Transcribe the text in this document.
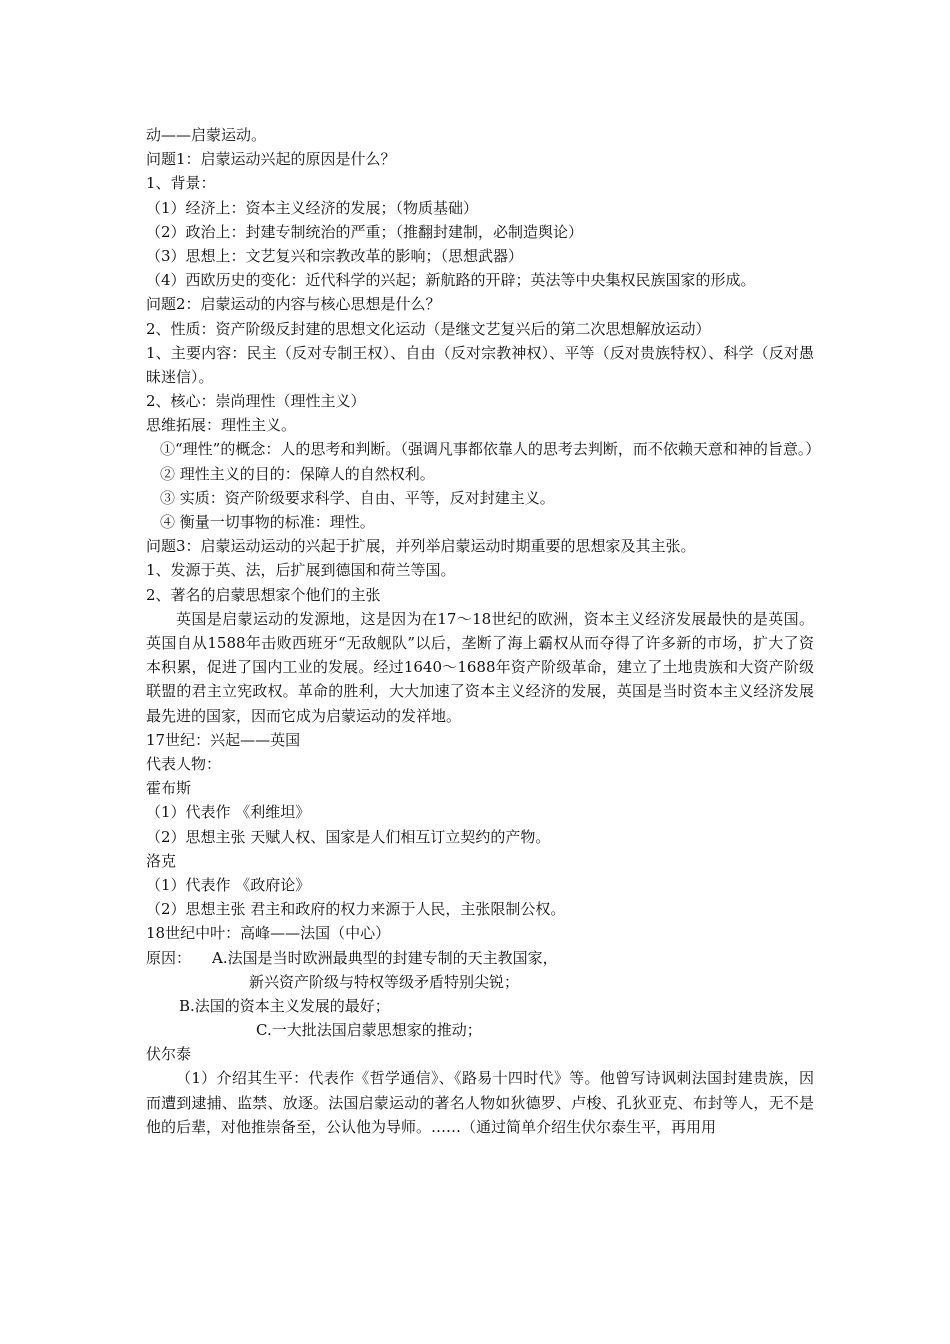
动——启蒙运动。
问题1：启蒙运动兴起的原因是什么？
1、背景：
（1）经济上：资本主义经济的发展；（物质基础）
（2）政治上：封建专制统治的严重；（推翻封建制，必制造舆论）
（3）思想上：文艺复兴和宗教改革的影响；（思想武器）
（4）西欧历史的变化：近代科学的兴起；新航路的开辟；英法等中央集权民族国家的形成。
问题2：启蒙运动的内容与核心思想是什么？
2、性质：资产阶级反封建的思想文化运动（是继文艺复兴后的第二次思想解放运动）
1、主要内容：民主（反对专制王权）、自由（反对宗教神权）、平等（反对贵族特权）、科学（反对愚昧迷信）。
2、核心：崇尚理性（理性主义）
思维拓展：理性主义。
①“理性”的概念：人的思考和判断。（强调凡事都依靠人的思考去判断，而不依赖天意和神的旨意。）
② 理性主义的目的：保障人的自然权利。
③ 实质：资产阶级要求科学、自由、平等，反对封建主义。
④ 衡量一切事物的标准：理性。
问题3：启蒙运动运动的兴起于扩展，并列举启蒙运动时期重要的思想家及其主张。
1、发源于英、法，后扩展到德国和荷兰等国。
2、著名的启蒙思想家个他们的主张
英国是启蒙运动的发源地，这是因为在17～18世纪的欧洲，资本主义经济发展最快的是英国。英国自从1588年击败西班牙“无敌舰队”以后，垄断了海上霸权从而夺得了许多新的市场，扩大了资本积累，促进了国内工业的发展。经过1640～1688年资产阶级革命，建立了土地贵族和大资产阶级联盟的君主立宪政权。革命的胜利，大大加速了资本主义经济的发展，英国是当时资本主义经济发展最先进的国家，因而它成为启蒙运动的发祥地。
17世纪：兴起——英国
代表人物：
霍布斯
（1）代表作 《利维坦》
（2）思想主张 天赋人权、国家是人们相互订立契约的产物。
洛克
（1）代表作 《政府论》
（2）思想主张 君主和政府的权力来源于人民，主张限制公权。
18世纪中叶：高峰——法国（中心）
原因： A.法国是当时欧洲最典型的封建专制的天主教国家，
新兴资产阶级与特权等级矛盾特别尖锐；
B.法国的资本主义发展的最好；
C.一大批法国启蒙思想家的推动；
伏尔泰
（1）介绍其生平：代表作《哲学通信》、《路易十四时代》等。他曾写诗讽刺法国封建贵族，因而遭到逮捕、监禁、放逐。法国启蒙运动的著名人物如狄德罗、卢梭、孔狄亚克、布封等人，无不是他的后辈，对他推崇备至，公认他为导师。……（通过简单介绍生伏尔泰生平，再用用
